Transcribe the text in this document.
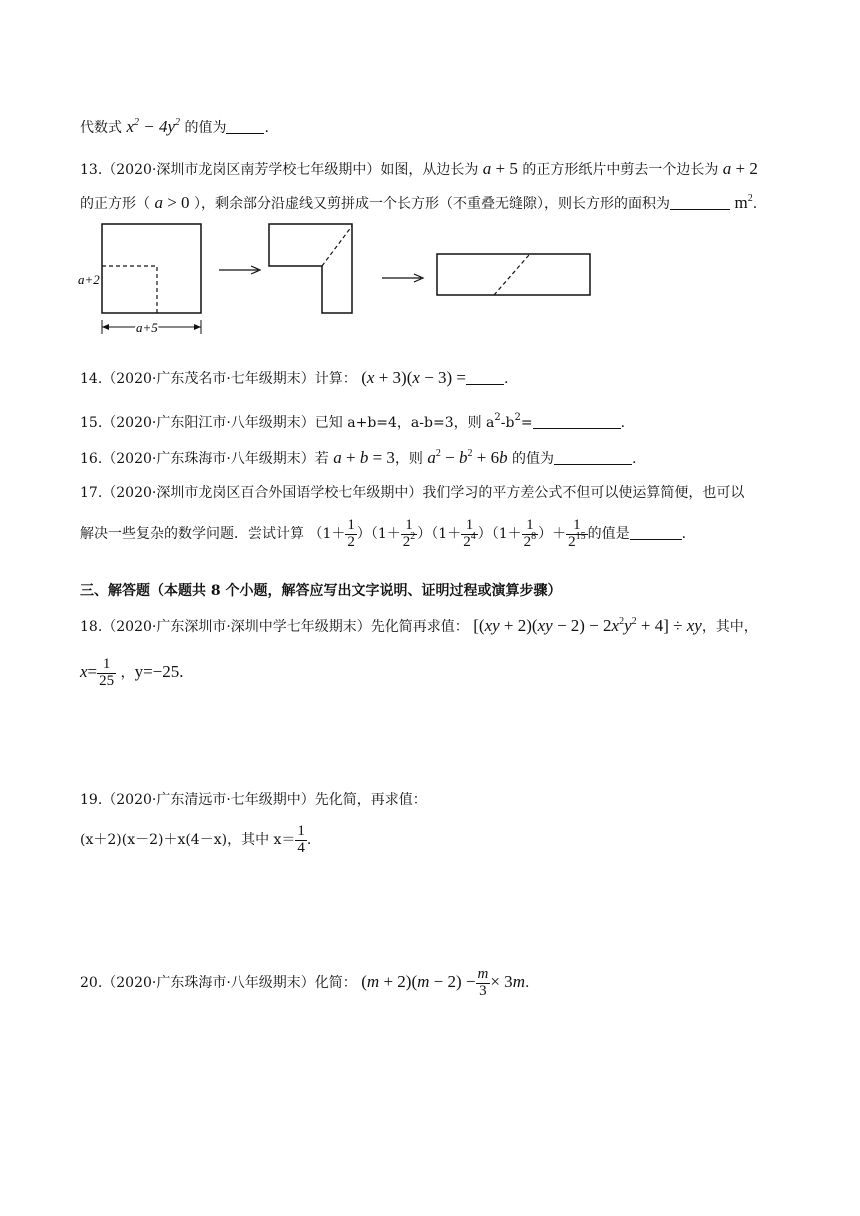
代数式 $x^2 - 4y^2$ 的值为	.
13.（2020·深圳市龙岗区南芳学校七年级期中）如图，从边长为 a + 5 的正方形纸片中剪去一个边长为 a + 2
的正方形（ a > 0 ），剩余部分沿虚线又剪拼成一个长方形（不重叠无缝隙），则长方形的面积为	$m^2$.
a+2
a+5
14.（2020·广东茂名市·七年级期末）计算： (x + 3)(x − 3) =	.
15.（2020·广东阳江市·八年级期末）已知 a+b=4，a-b=3，则 $a^2-b^2=$	.
16.（2020·广东珠海市·八年级期末）若 a + b = 3，则 $a^2 - b^2 + 6b$ 的值为	.
17.（2020·深圳市龙岗区百合外国语学校七年级期中）我们学习的平方差公式不但可以使运算简便，也可以
解决一些复杂的数学问题．尝试计算 $(1+ \frac{1}{2} )(1+ \frac{1}{2^2} )(1+ \frac{1}{2^4} )(1+ \frac{1}{2^8}$ ）＋ $\frac{1}{2^{15}}$ 的值是	.
三、解答题（本题共 8 个小题，解答应写出文字说明、证明过程或演算步骤）
18.（2020·广东深圳市·深圳中学七年级期末）先化简再求值： $[(xy + 2)(xy - 2) - 2x^2y^2 + 4]$ ÷ xy，其中，
$x= \frac{1}{25}$ ，y=−25.
19.（2020·广东清远市·七年级期中）先化简，再求值：
(x＋2)(x－2)＋x(4－x)，其中 $x= \frac{1}{4}$ .
20.（2020·广东珠海市·八年级期末）化简： $(m + 2)(m - 2) - \frac{m}{3} \times 3m$.
